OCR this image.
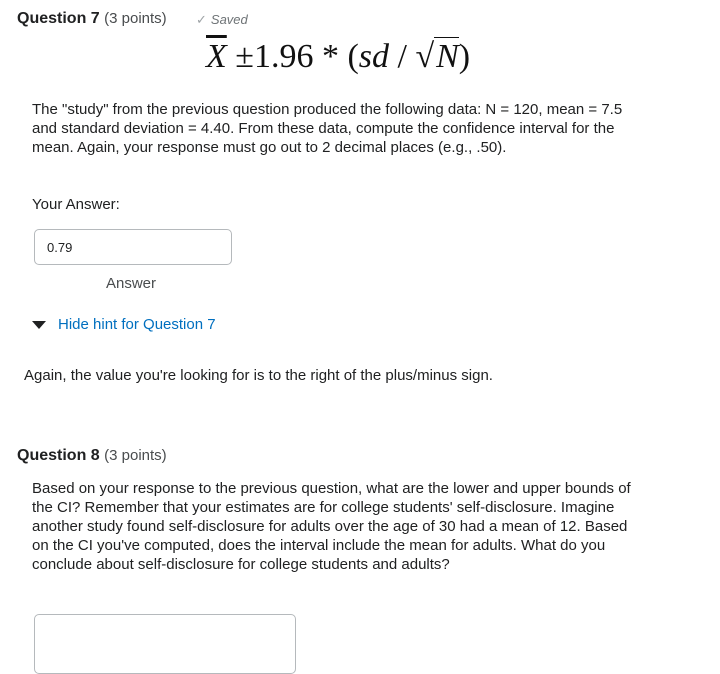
Question 7 (3 points) ✓ Saved
$\overline{X} \pm 1.96 * (sd / √N)$
The "study" from the previous question produced the following data: N = 120, mean = 7.5 and standard deviation = 4.40. From these data, compute the confidence interval for the mean. Again, your response must go out to 2 decimal places (e.g., .50).
Your Answer:
0.79
Answer
Hide hint for Question 7
Again, the value you're looking for is to the right of the plus/minus sign.
Question 8 (3 points)
Based on your response to the previous question, what are the lower and upper bounds of the CI? Remember that your estimates are for college students' self-disclosure. Imagine another study found self-disclosure for adults over the age of 30 had a mean of 12. Based on the CI you've computed, does the interval include the mean for adults. What do you conclude about self-disclosure for college students and adults?
